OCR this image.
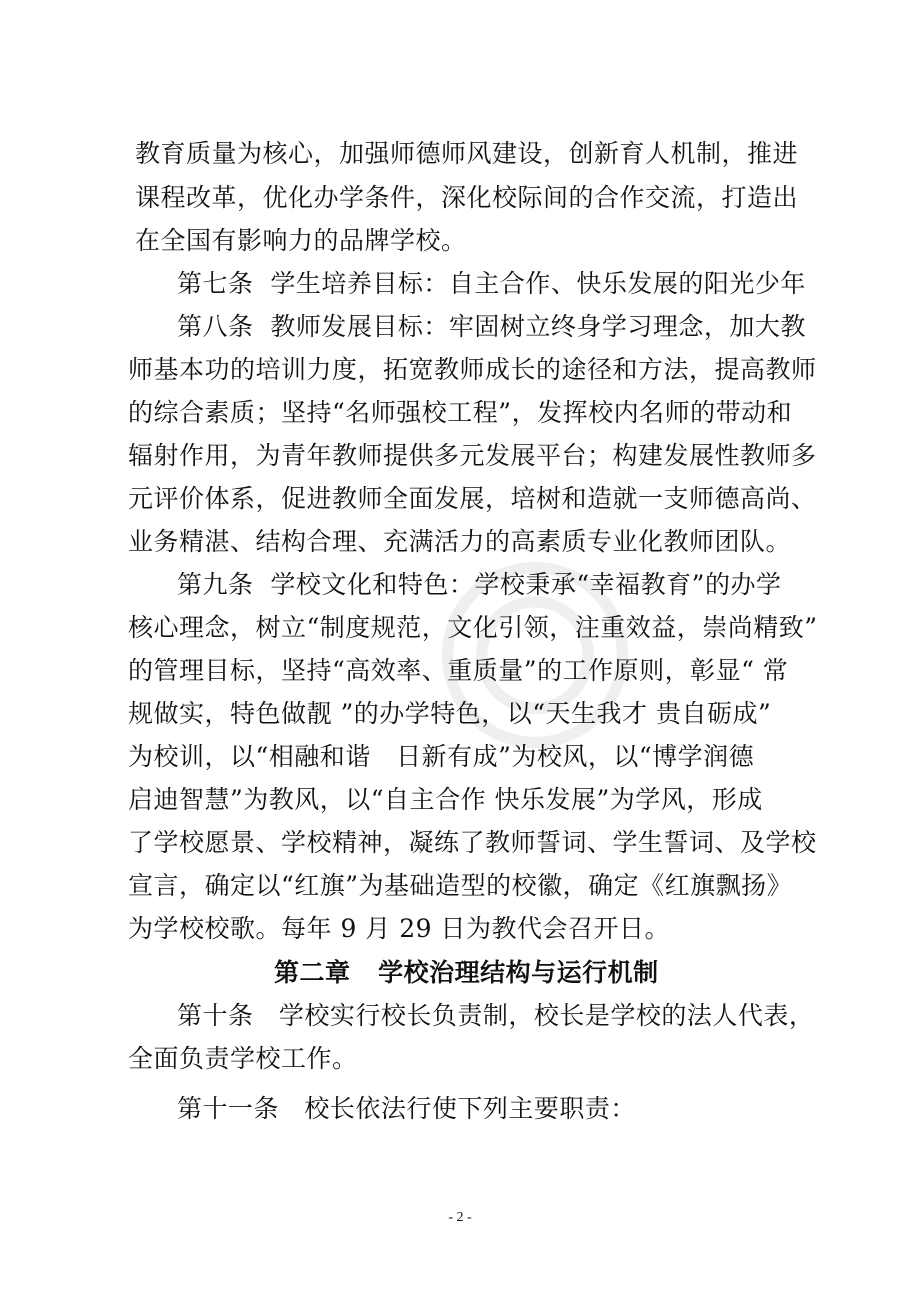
教育质量为核心，加强师德师风建设，创新育人机制，推进
课程改革，优化办学条件，深化校际间的合作交流，打造出
在全国有影响力的品牌学校。
第七条  学生培养目标：自主合作、快乐发展的阳光少年
第八条  教师发展目标：牢固树立终身学习理念，加大教
师基本功的培训力度，拓宽教师成长的途径和方法，提高教师
的综合素质；坚持“名师强校工程”，发挥校内名师的带动和
辐射作用，为青年教师提供多元发展平台；构建发展性教师多
元评价体系，促进教师全面发展，培树和造就一支师德高尚、
业务精湛、结构合理、充满活力的高素质专业化教师团队。
第九条  学校文化和特色：学校秉承“幸福教育”的办学
核心理念，树立“制度规范，文化引领，注重效益，崇尚精致”
的管理目标，坚持“高效率、重质量”的工作原则，彰显“ 常
规做实，特色做靓 ”的办学特色，以“天生我才 贵自砺成”
为校训，以“相融和谐   日新有成”为校风，以“博学润德
启迪智慧”为教风，以“自主合作 快乐发展”为学风，形成
了学校愿景、学校精神，凝练了教师誓词、学生誓词、及学校
宣言，确定以“红旗”为基础造型的校徽，确定《红旗飘扬》
为学校校歌。每年 9 月 29 日为教代会召开日。
第二章   学校治理结构与运行机制
第十条   学校实行校长负责制，校长是学校的法人代表，
全面负责学校工作。
第十一条   校长依法行使下列主要职责：
- 2 -
